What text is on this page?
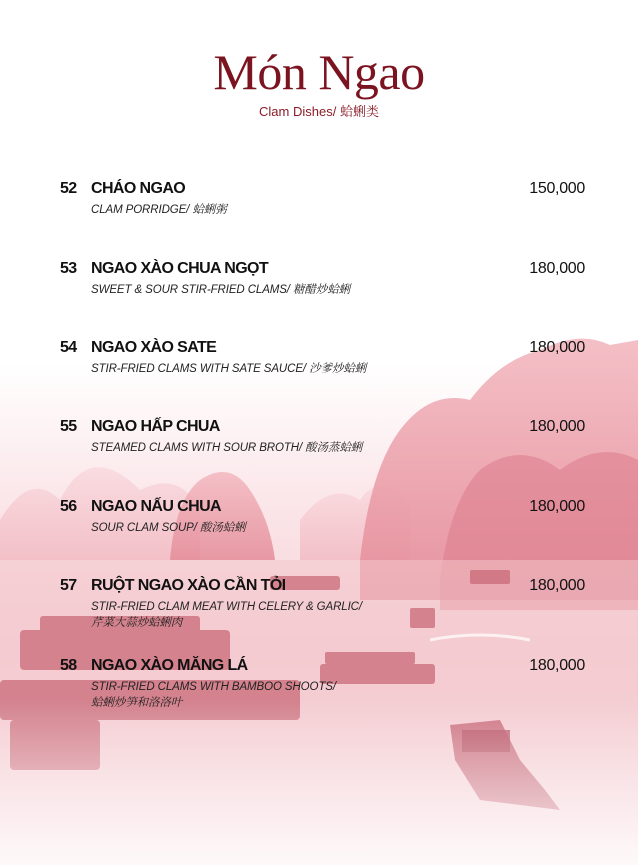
Món Ngao
Clam Dishes/ 蛤蜊类
52 CHÁO NGAO	150,000
CLAM PORRIDGE/ 蛤蜊粥
53 NGAO XÀO CHUA NGỌT	180,000
SWEET & SOUR STIR-FRIED CLAMS/ 糖醋炒蛤蜊
54 NGAO XÀO SATE	180,000
STIR-FRIED CLAMS WITH SATE SAUCE/ 沙爹炒蛤蜊
55 NGAO HẤP CHUA	180,000
STEAMED CLAMS WITH SOUR BROTH/ 酸汤蒸蛤蜊
56 NGAO NẤU CHUA	180,000
SOUR CLAM SOUP/ 酸汤蛤蜊
57 RUỘT NGAO XÀO CẦN TỎI	180,000
STIR-FRIED CLAM MEAT WITH CELERY & GARLIC/
芹菜大蒜炒蛤蜊肉
58 NGAO XÀO MĂNG LÁ	180,000
STIR-FRIED CLAMS WITH BAMBOO SHOOTS/
蛤蜊炒笋和洛洛叶
